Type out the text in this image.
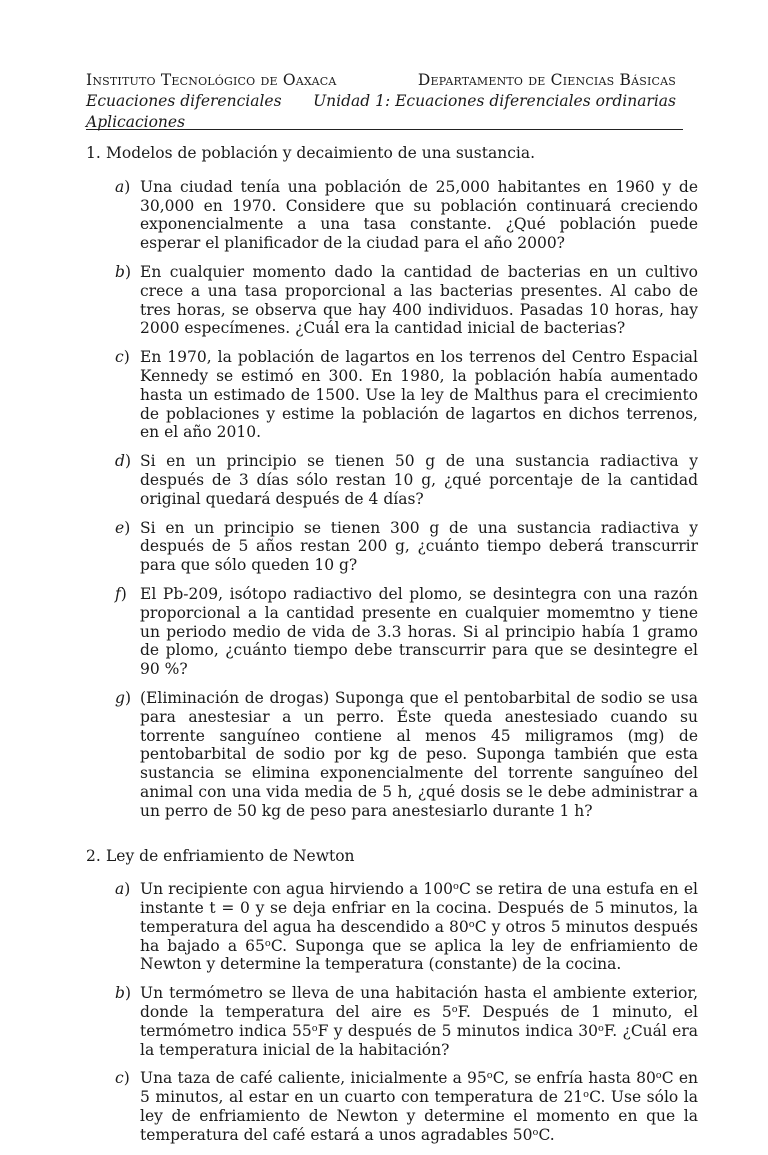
Instituto Tecnológico de Oaxaca	Departamento de Ciencias Básicas
Ecuaciones diferenciales Unidad 1: Ecuaciones diferenciales ordinarias
Aplicaciones
1. Modelos de población y decaimiento de una sustancia.
a )	Una ciudad tenía una población de 25,000 habitantes en 1960 y de 30,000 en 1970. Considere que su población continuará creciendo exponencialmente a una tasa constante. ¿Qué población puede esperar el planificador de la ciudad para el año 2000?
b ) En cualquier momento dado la cantidad de bacterias en un cultivo crece a una tasa proporcional a las bacterias presentes. Al cabo de tres horas, se observa que hay 400 individuos. Pasadas 10 horas, hay 2000 especímenes. ¿Cuál era la cantidad inicial de bacterias?
c )	En 1970, la población de lagartos en los terrenos del Centro Espacial Kennedy se estimó en 300. En 1980, la población había aumentado hasta un estimado de 1500. Use la ley de Malthus para el crecimiento de poblaciones y estime la población de lagartos en dichos terrenos, en el año 2010.
d ) Si en un principio se tienen 50 g de una sustancia radiactiva y después de 3 días sólo restan 10 g, ¿qué porcentaje de la cantidad original quedará después de 4 días?
e )	Si en un principio se tienen 300 g de una sustancia radiactiva y después de 5 años restan 200 g, ¿cuánto tiempo deberá transcurrir para que sólo queden 10 g?
f )	El Pb-209, isótopo radiactivo del plomo, se desintegra con una razón proporcional a la cantidad presente en cualquier momemtno y tiene un periodo medio de vida de 3.3 horas. Si al principio había 1 gramo de plomo, ¿cuánto tiempo debe transcurrir para que se desintegre el 90 %?
g ) (Eliminación de drogas) Suponga que el pentobarbital de sodio se usa para anestesiar a un perro. Éste queda anestesiado cuando su torrente sanguíneo contiene al menos 45 miligramos (mg) de pentobarbital de sodio por kg de peso. Suponga también que esta sustancia se elimina exponencialmente del torrente sanguíneo del animal con una vida media de 5 h, ¿qué dosis se le debe administrar a un perro de 50 kg de peso para anestesiarlo durante 1 h?
2. Ley de enfriamiento de Newton
a )	Un recipiente con agua hirviendo a 100ᵒC se retira de una estufa en el instante t = 0 y se deja enfriar en la cocina. Después de 5 minutos, la temperatura del agua ha descendido a 80ᵒC y otros 5 minutos después ha bajado a 65ᵒC. Suponga que se aplica la ley de enfriamiento de Newton y determine la temperatura (constante) de la cocina.
b ) Un termómetro se lleva de una habitación hasta el ambiente exterior, donde la temperatura del aire es 5ᵒF. Después de 1 minuto, el termómetro indica 55ᵒF y después de 5 minutos indica 30ᵒF. ¿Cuál era la temperatura inicial de la habitación?
c )	Una taza de café caliente, inicialmente a 95ᵒC, se enfría hasta 80ᵒC en 5 minutos, al estar en un cuarto con temperatura de 21ᵒC. Use sólo la ley de enfriamiento de Newton y determine el momento en que la temperatura del café estará a unos agradables 50ᵒC.
